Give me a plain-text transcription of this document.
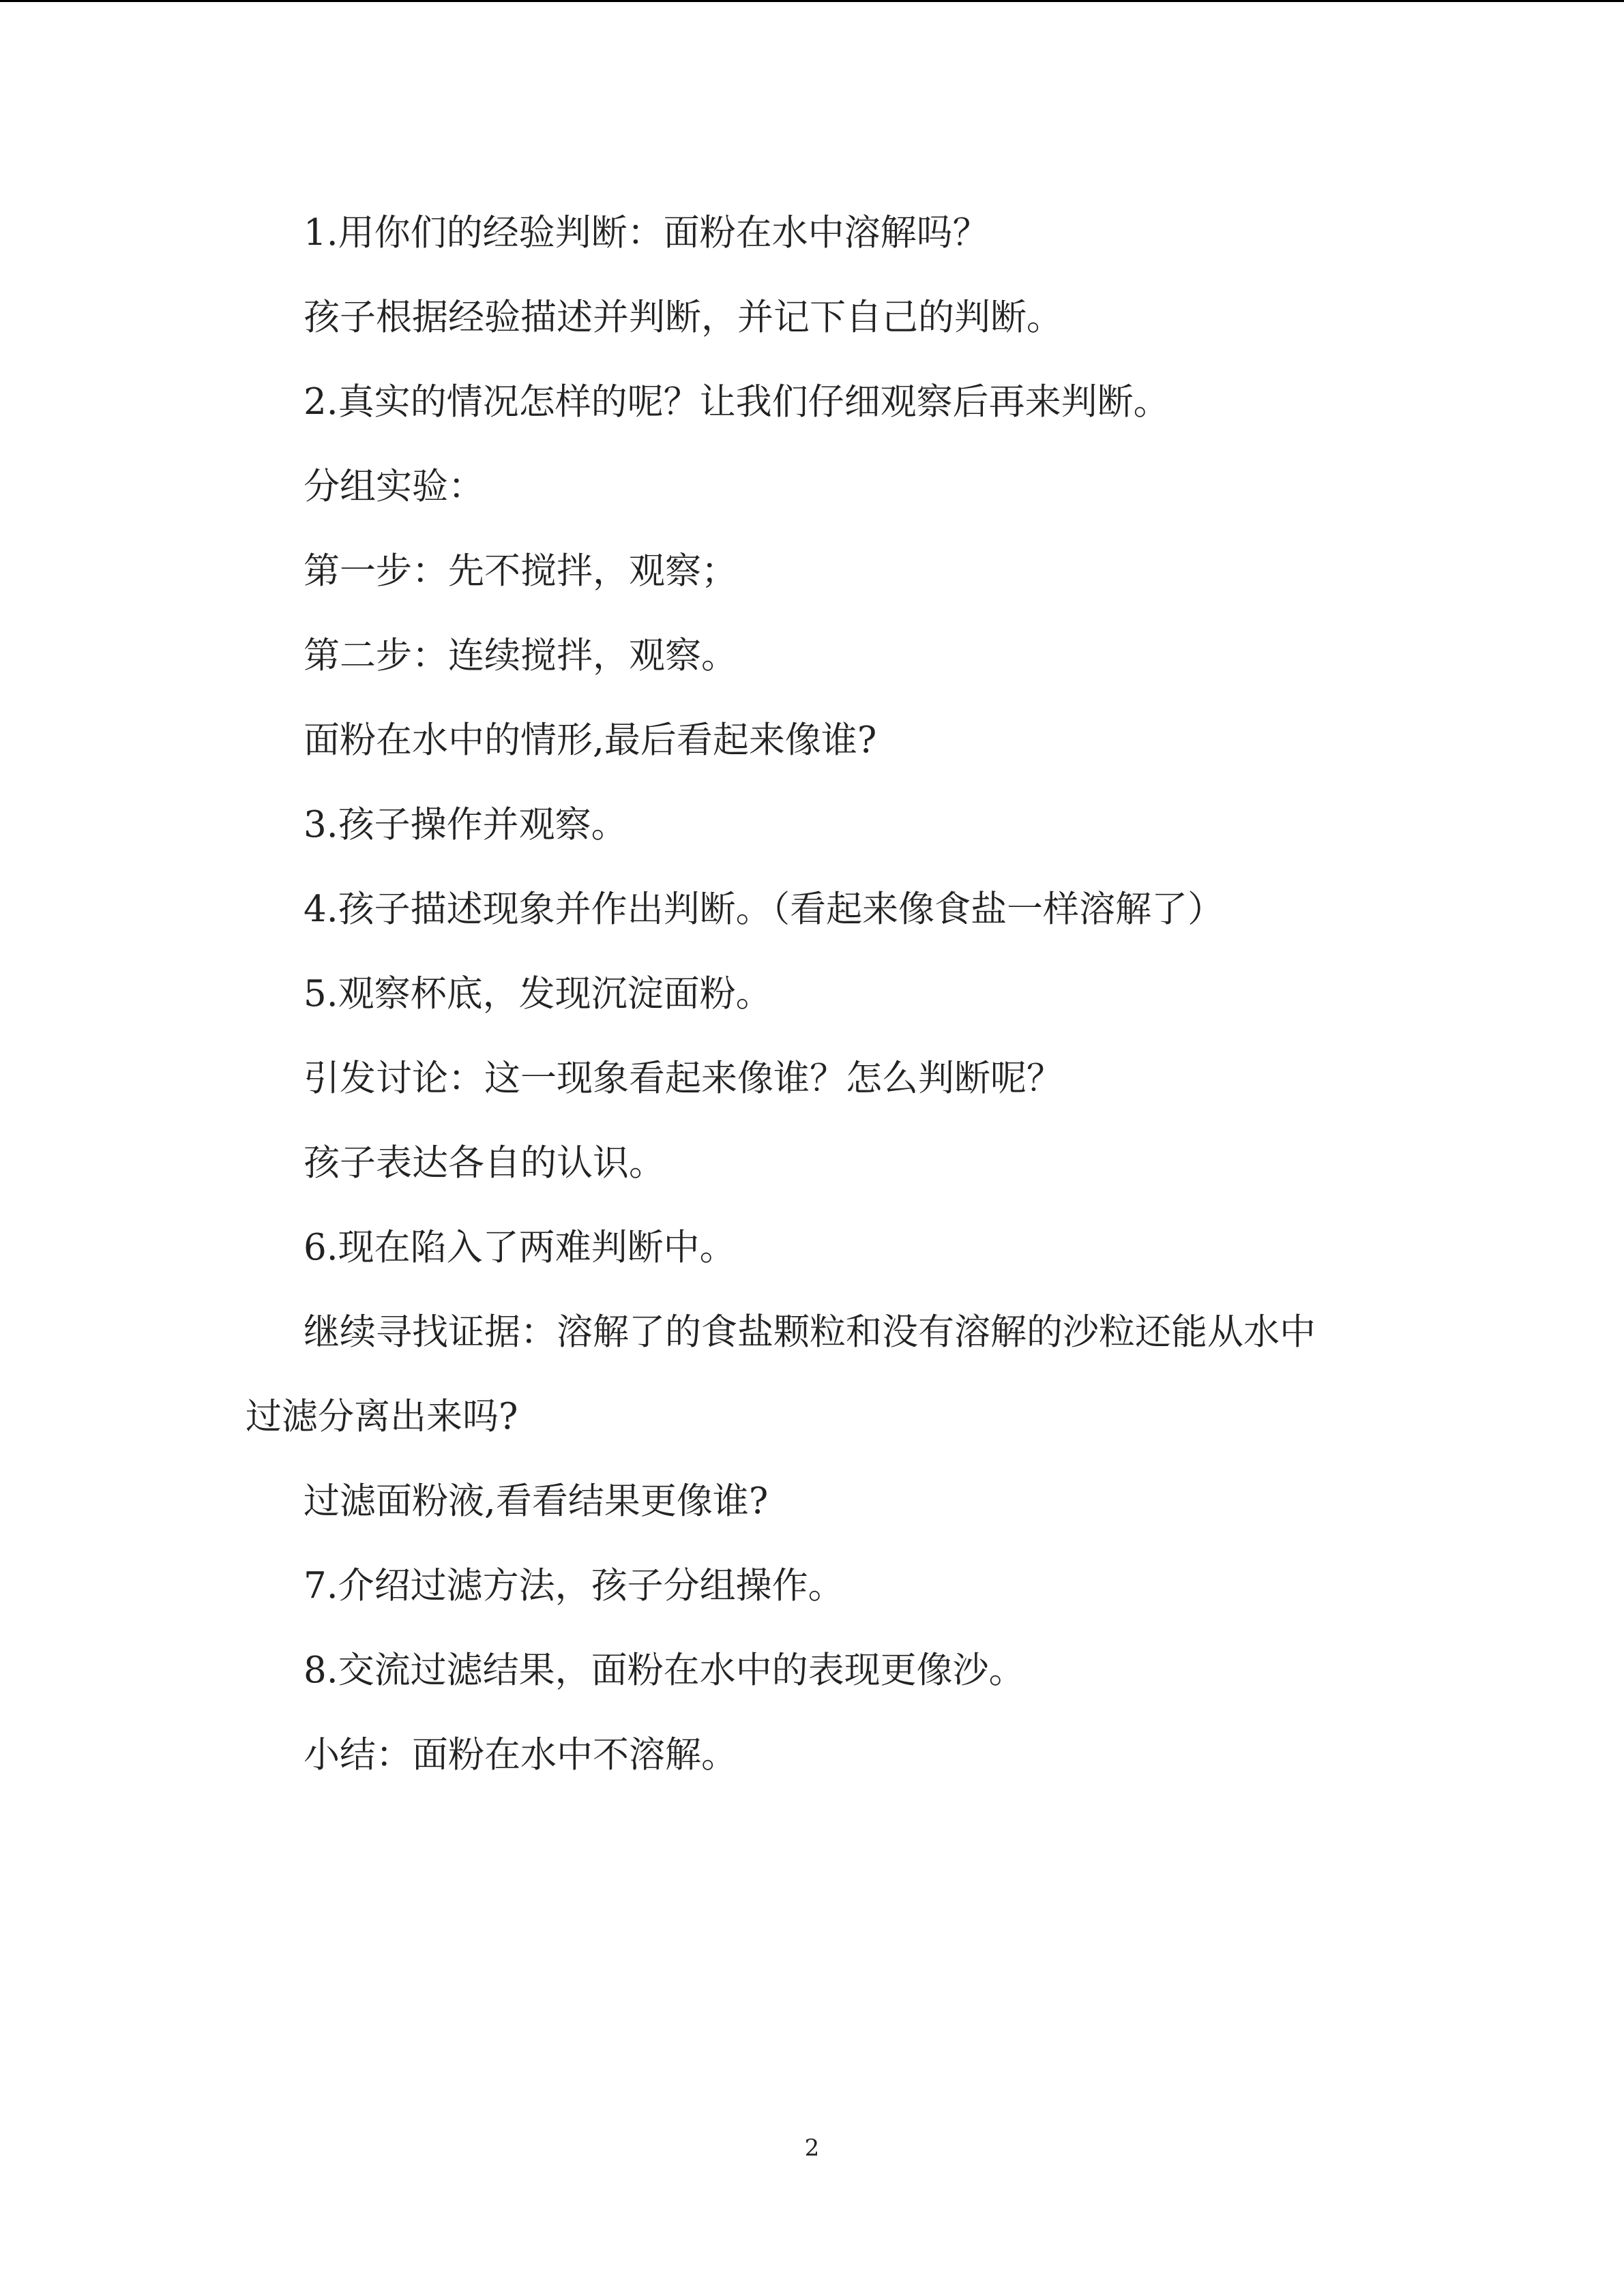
1.用你们的经验判断：面粉在水中溶解吗？

孩子根据经验描述并判断，并记下自己的判断。

2.真实的情况怎样的呢？让我们仔细观察后再来判断。

分组实验：

第一步：先不搅拌，观察；

第二步：连续搅拌，观察。

面粉在水中的情形,最后看起来像谁?

3.孩子操作并观察。

4.孩子描述现象并作出判断。（看起来像食盐一样溶解了）

5.观察杯底，发现沉淀面粉。

引发讨论：这一现象看起来像谁？怎么判断呢？

孩子表达各自的认识。

6.现在陷入了两难判断中。

继续寻找证据：溶解了的食盐颗粒和没有溶解的沙粒还能从水中
过滤分离出来吗?

过滤面粉液,看看结果更像谁?

7.介绍过滤方法，孩子分组操作。

8.交流过滤结果，面粉在水中的表现更像沙。

小结：面粉在水中不溶解。

2
